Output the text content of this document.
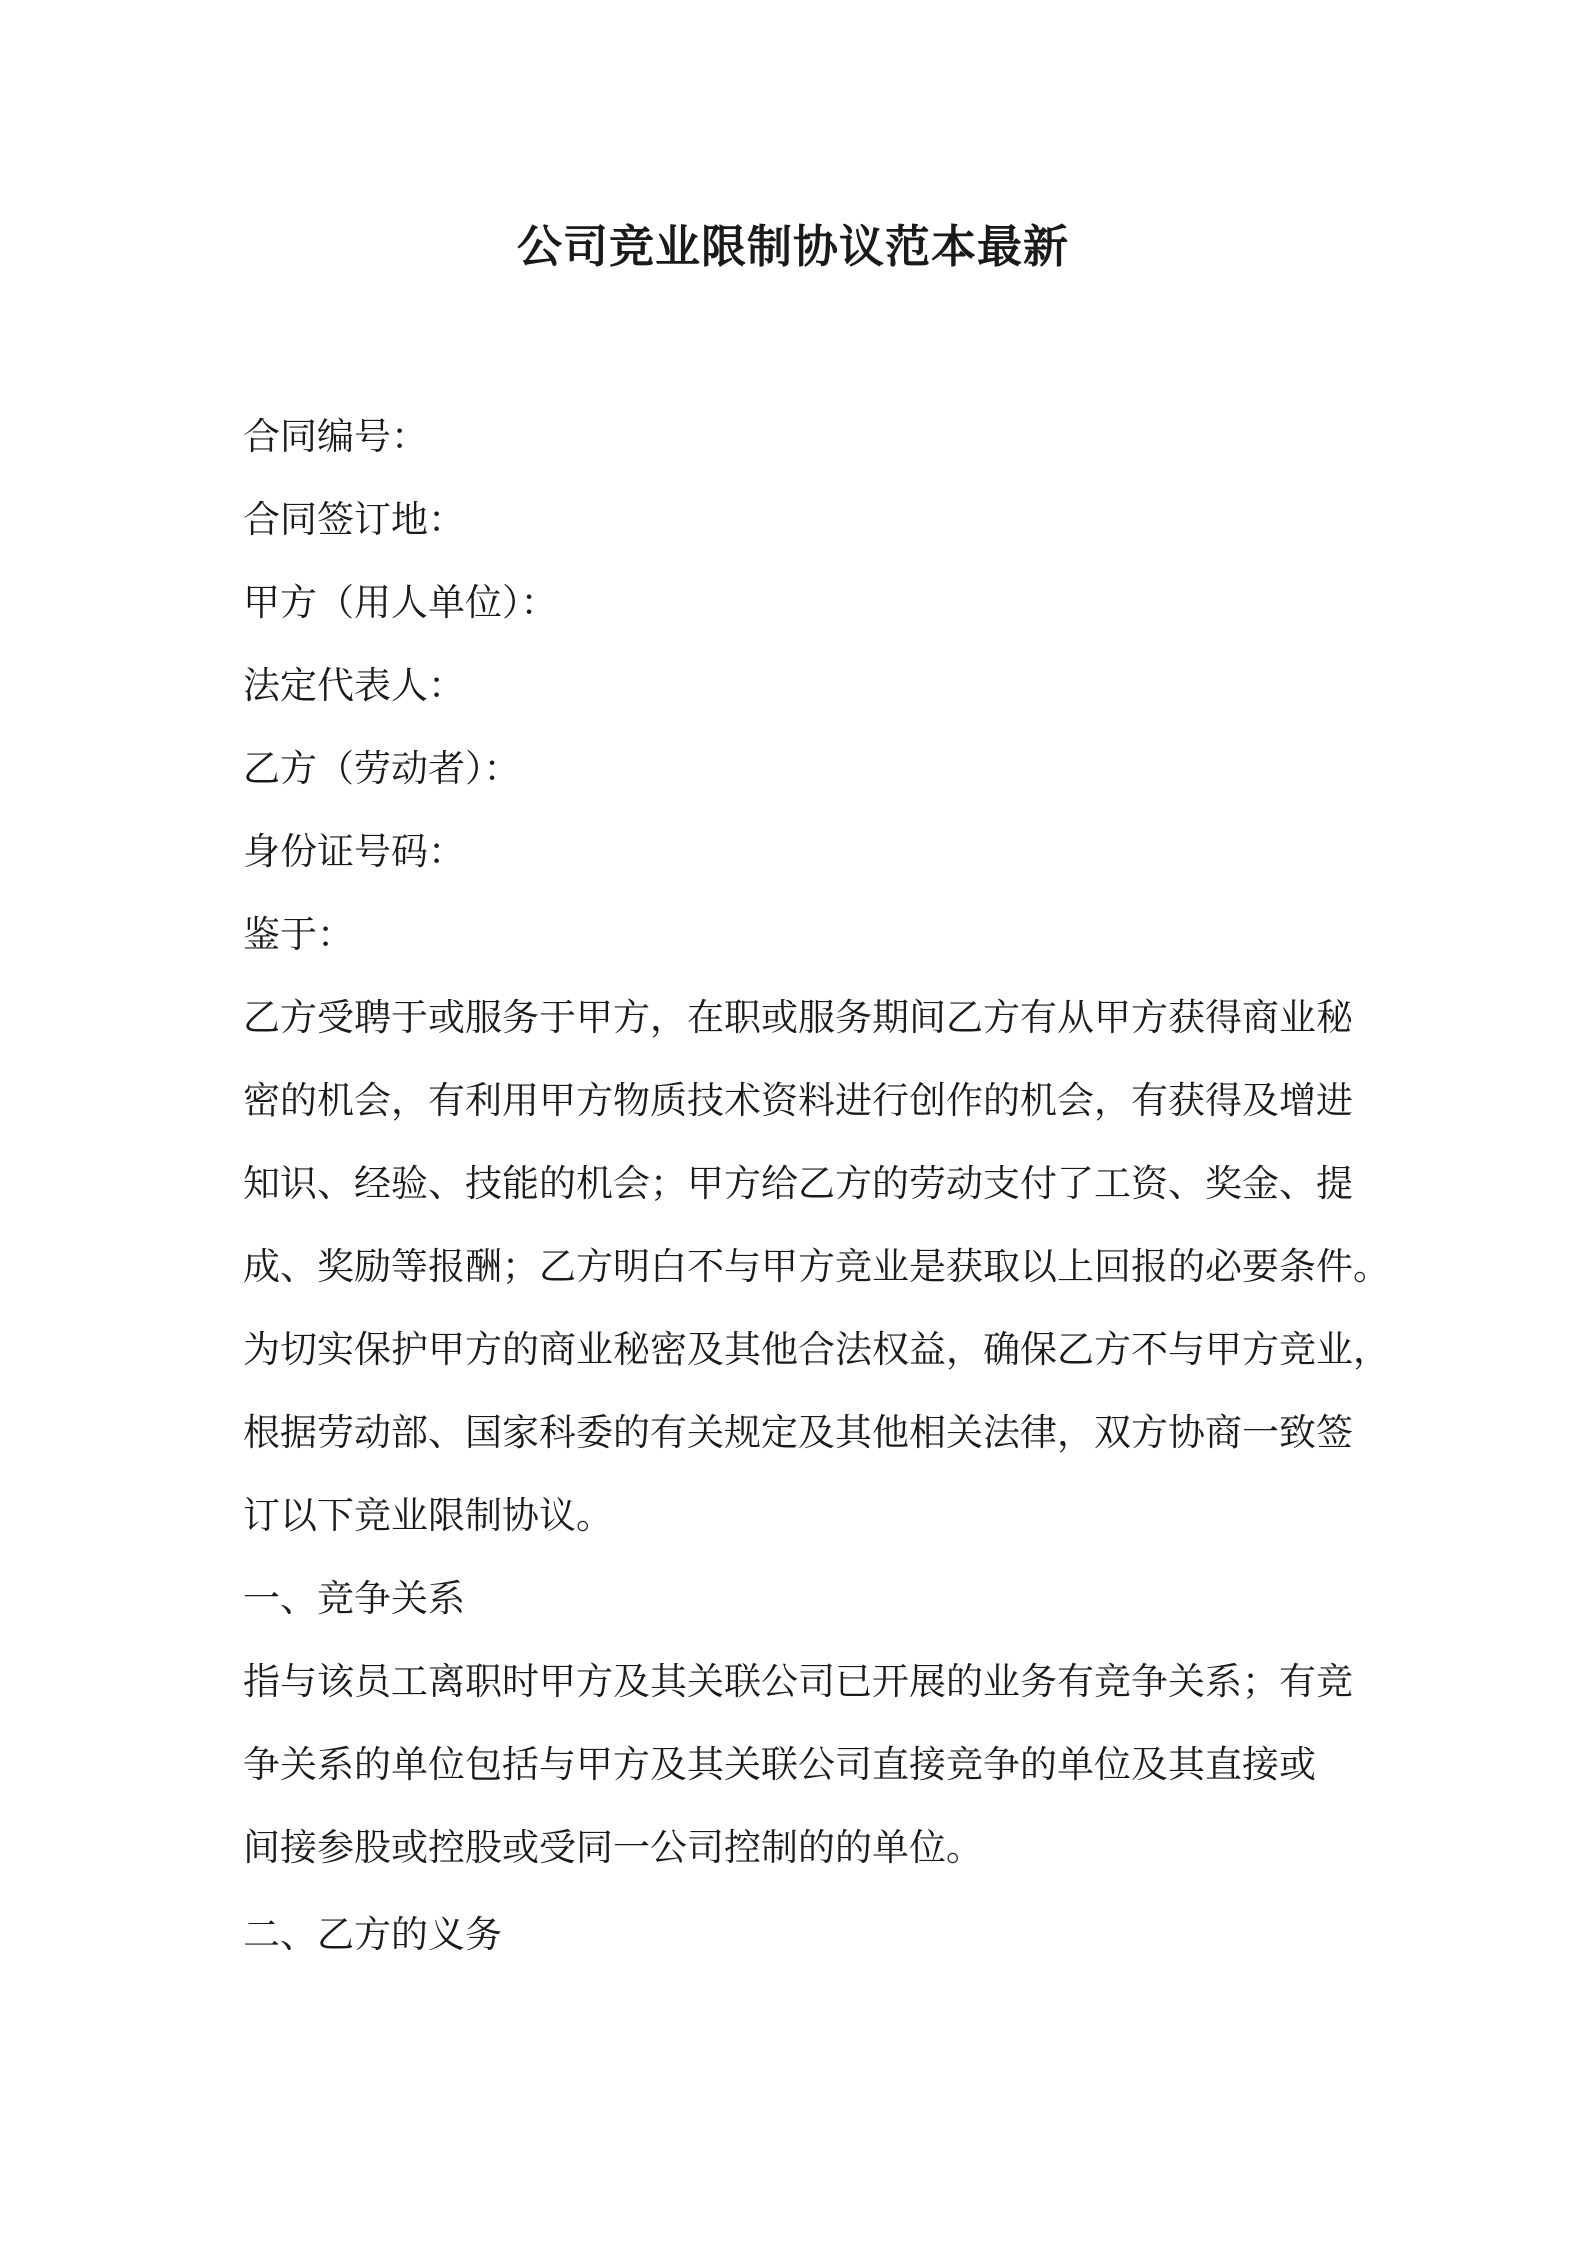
公司竞业限制协议范本最新

合同编号：

合同签订地：

甲方（用人单位）：

法定代表人：

乙方（劳动者）：

身份证号码：

鉴于：

乙方受聘于或服务于甲方，在职或服务期间乙方有从甲方获得商业秘

密的机会，有利用甲方物质技术资料进行创作的机会，有获得及增进

知识、经验、技能的机会；甲方给乙方的劳动支付了工资、奖金、提

成、奖励等报酬；乙方明白不与甲方竞业是获取以上回报的必要条件。

为切实保护甲方的商业秘密及其他合法权益，确保乙方不与甲方竞业，

根据劳动部、国家科委的有关规定及其他相关法律，双方协商一致签

订以下竞业限制协议。

一、竞争关系

指与该员工离职时甲方及其关联公司已开展的业务有竞争关系；有竞

争关系的单位包括与甲方及其关联公司直接竞争的单位及其直接或

间接参股或控股或受同一公司控制的的单位。

二、乙方的义务
